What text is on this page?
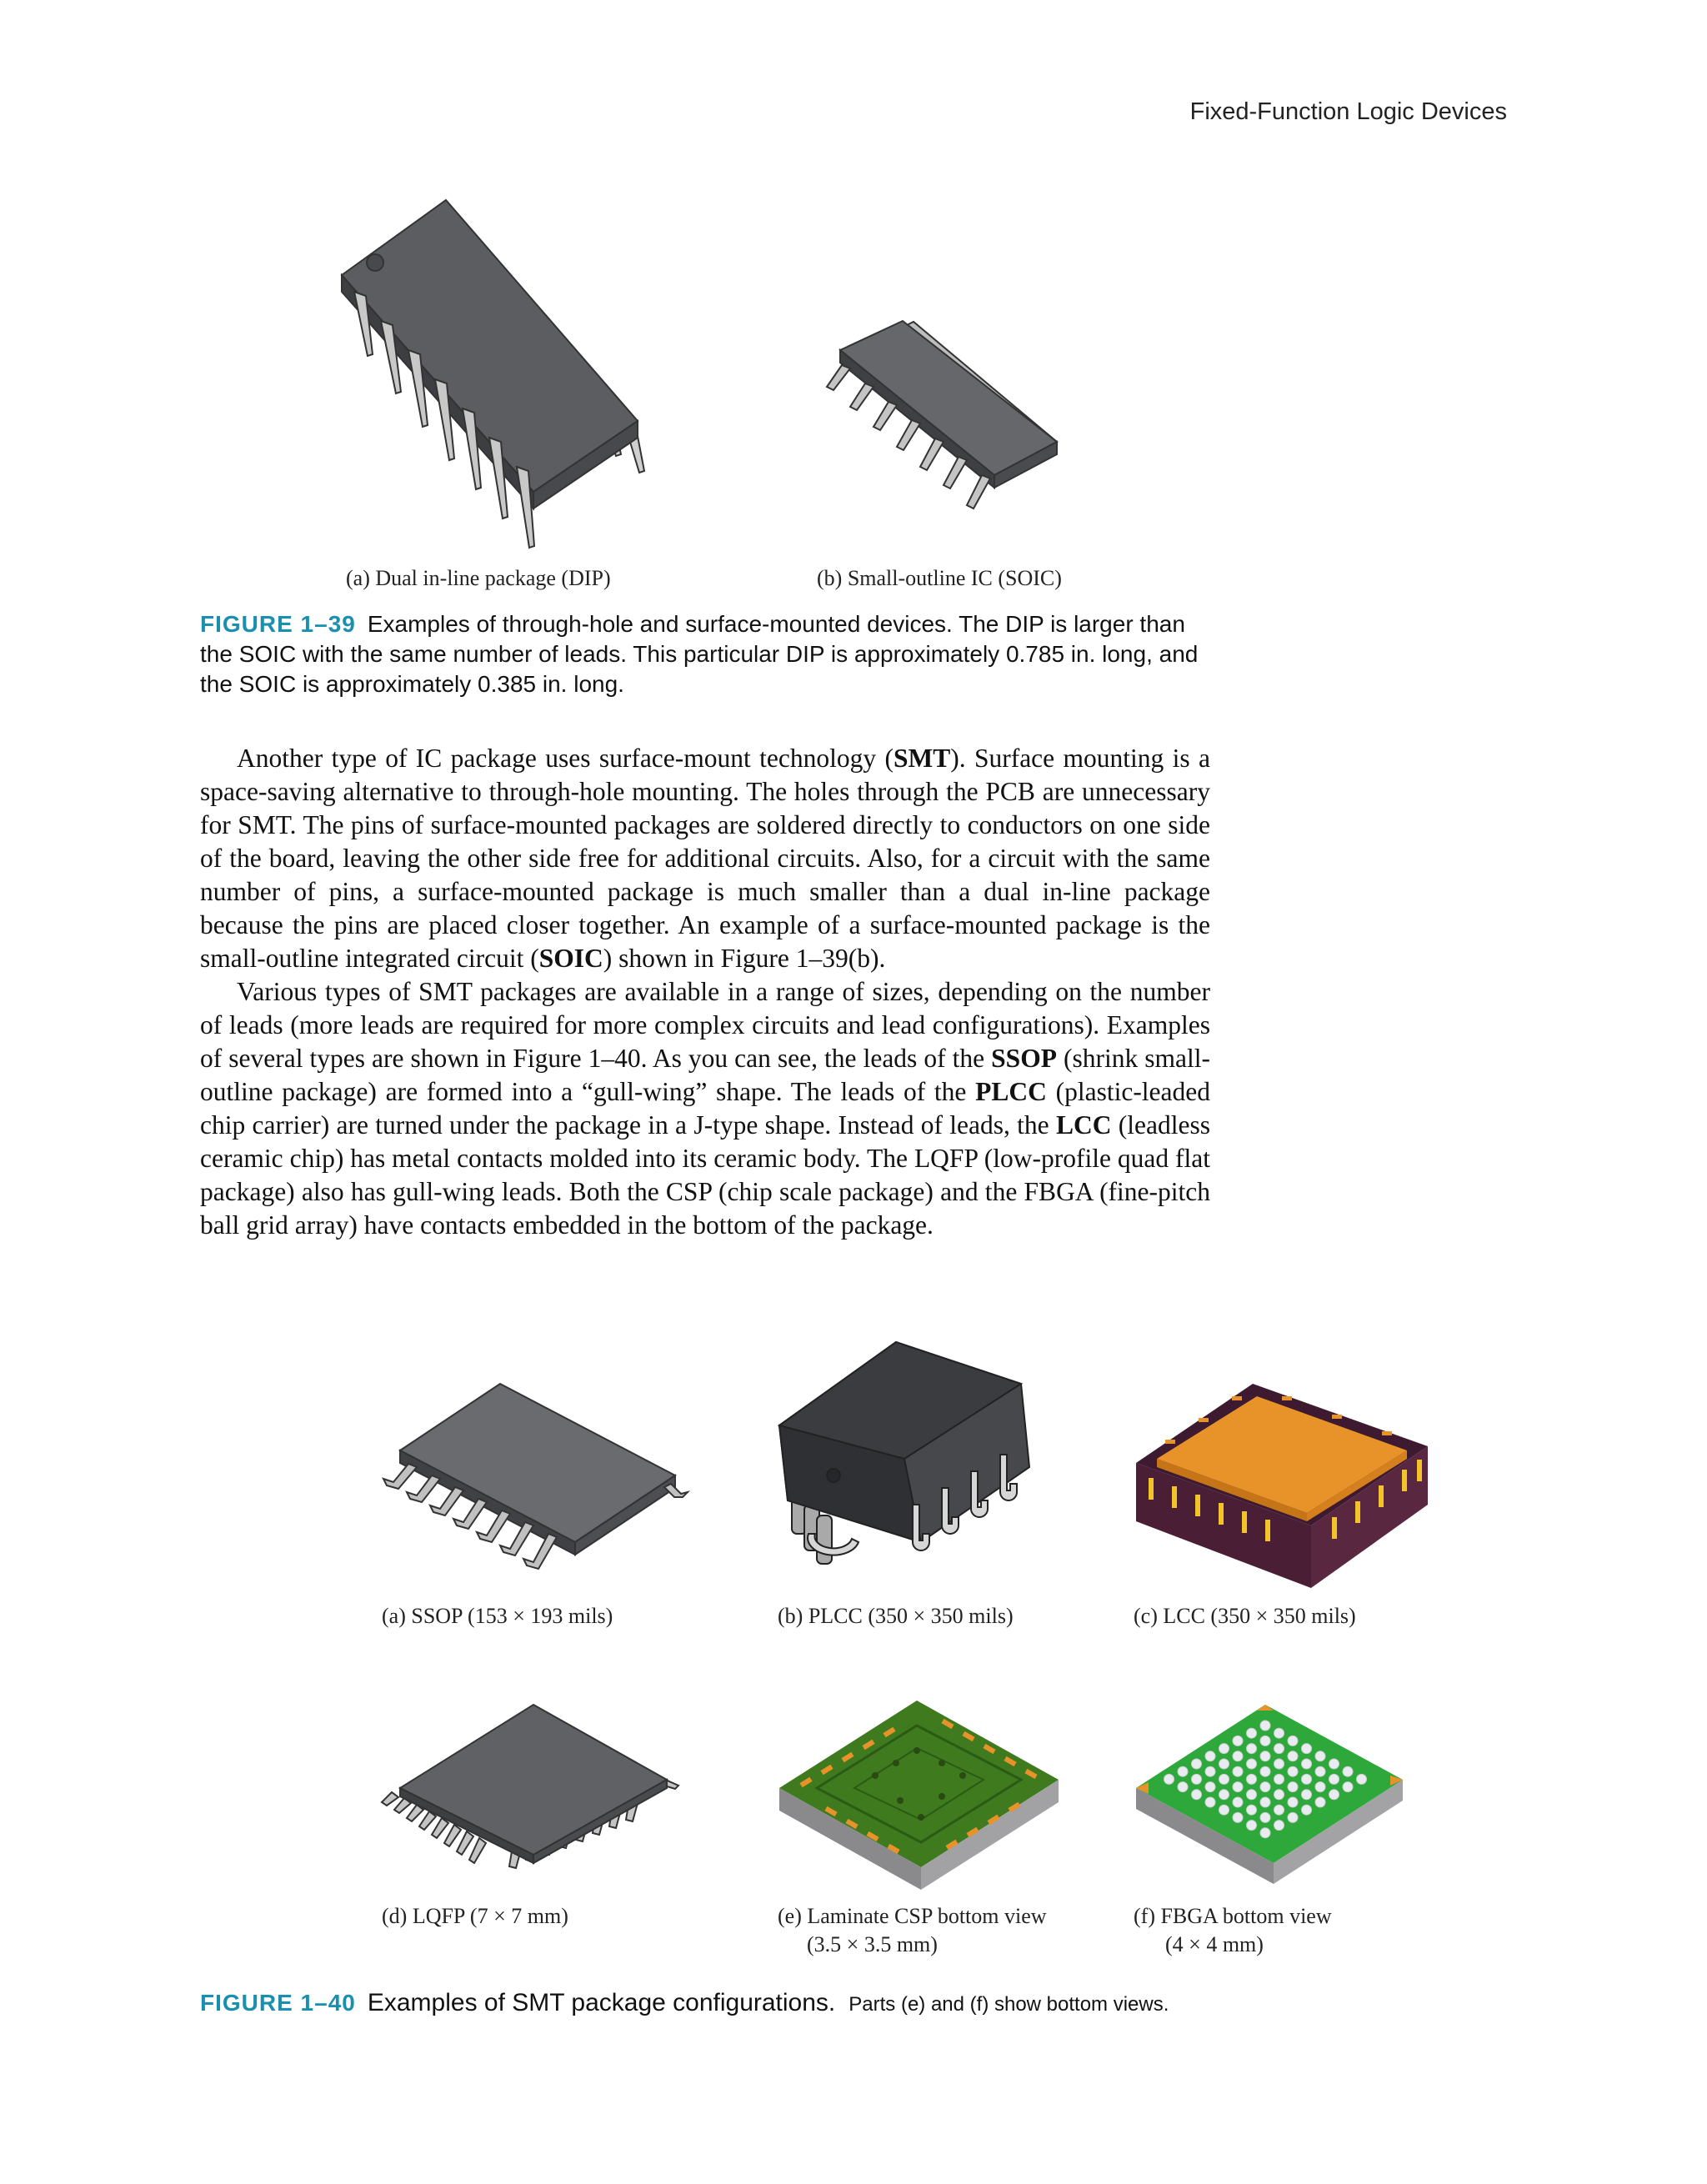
Fixed-Function Logic Devices
(a) Dual in-line package (DIP)	(b) Small-outline IC (SOIC)
FIGURE 1–39 Examples of through-hole and surface-mounted devices. The DIP is larger than the SOIC with the same number of leads. This particular DIP is approximately 0.785 in. long, and the SOIC is approximately 0.385 in. long.

Another type of IC package uses surface-mount technology (SMT). Surface mounting is a space-saving alternative to through-hole mounting. The holes through the PCB are unnecessary for SMT. The pins of surface-mounted packages are soldered directly to conductors on one side of the board, leaving the other side free for additional circuits. Also, for a circuit with the same number of pins, a surface-mounted package is much smaller than a dual in-line package because the pins are placed closer together. An example of a surface-mounted package is the small-outline integrated circuit (SOIC) shown in Figure 1–39(b).

Various types of SMT packages are available in a range of sizes, depending on the number of leads (more leads are required for more complex circuits and lead configurations). Examples of several types are shown in Figure 1–40. As you can see, the leads of the SSOP (shrink small-outline package) are formed into a “gull-wing” shape. The leads of the PLCC (plastic-leaded chip carrier) are turned under the package in a J-type shape. Instead of leads, the LCC (leadless ceramic chip) has metal contacts molded into its ceramic body. The LQFP (low-profile quad flat package) also has gull-wing leads. Both the CSP (chip scale package) and the FBGA (fine-pitch ball grid array) have contacts embedded in the bottom of the package.

(a) SSOP (153 × 193 mils)	(b) PLCC (350 × 350 mils)	(c) LCC (350 × 350 mils)
(d) LQFP (7 × 7 mm)	(e) Laminate CSP bottom view
(3.5 × 3.5 mm)
(f) FBGA bottom view
(4 × 4 mm)
FIGURE 1–40 Examples of SMT package configurations. Parts (e) and (f) show bottom views.
